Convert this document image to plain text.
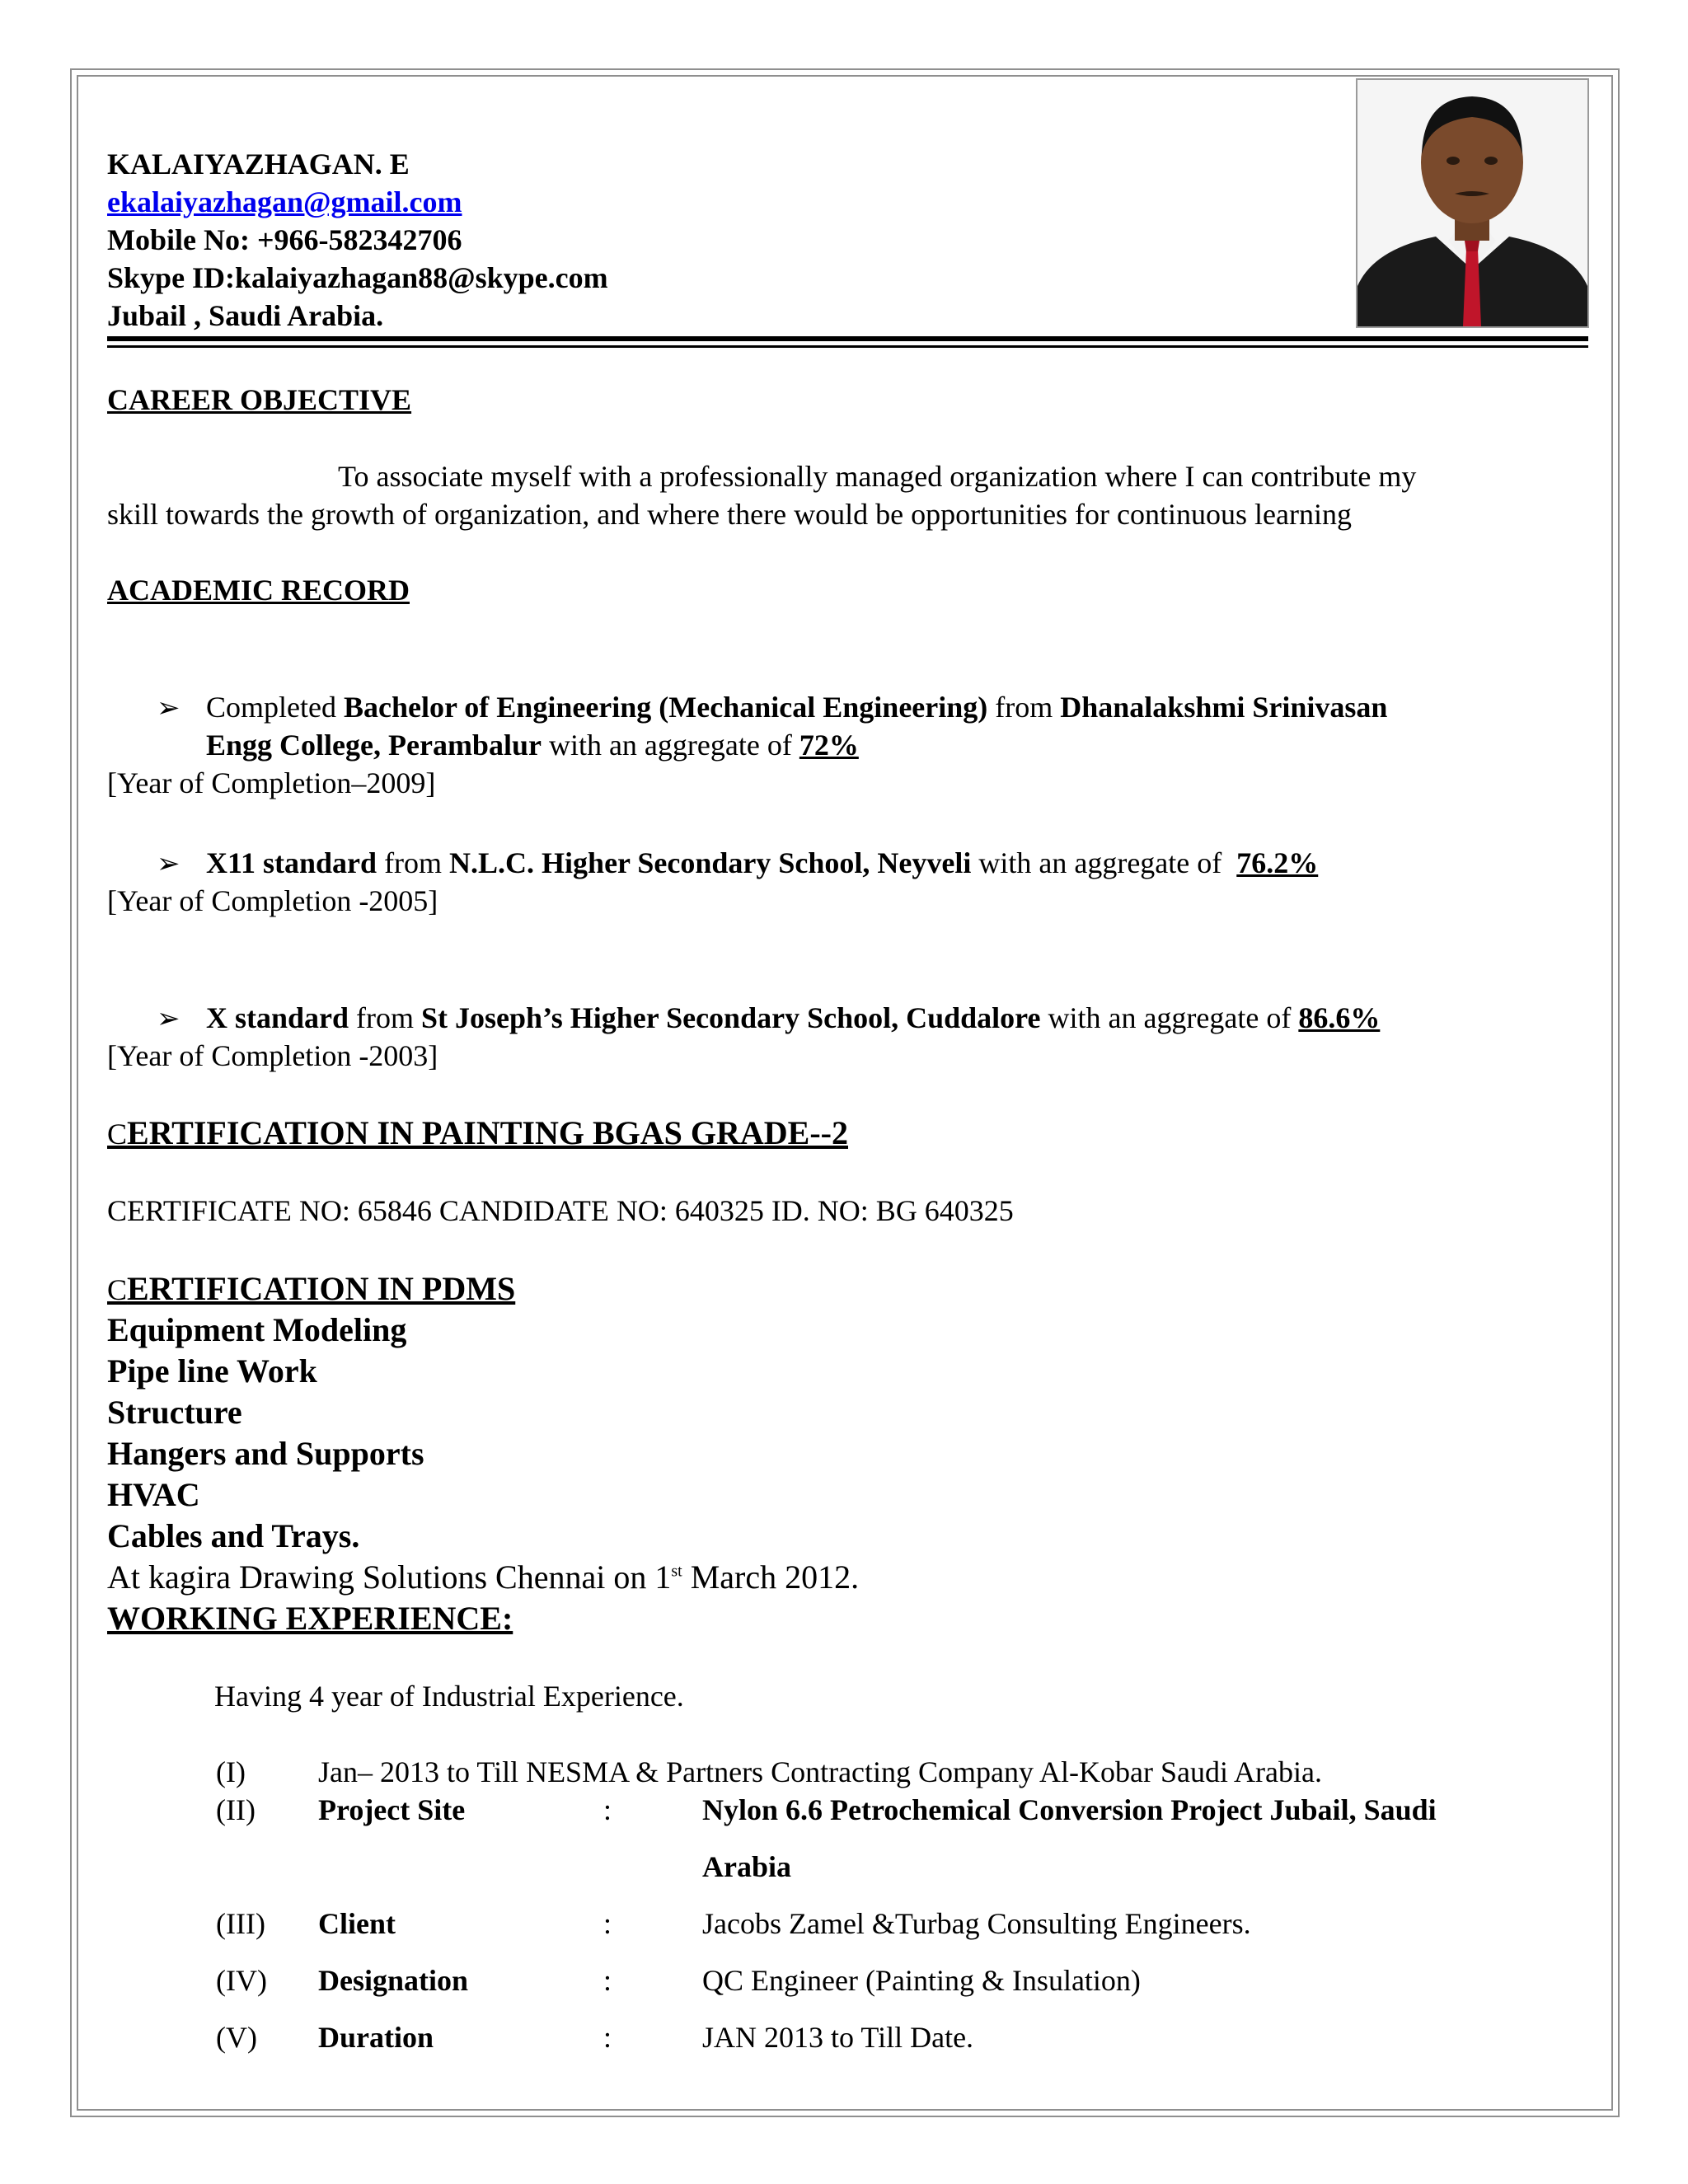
KALAIYAZHAGAN. E
ekalaiyazhagan@gmail.com
Mobile No: +966-582342706
Skype ID:kalaiyazhagan88@skype.com
Jubail , Saudi Arabia.
CAREER OBJECTIVE
To associate myself with a professionally managed organization where I can contribute my
skill towards the growth of organization, and where there would be opportunities for continuous learning
ACADEMIC RECORD
➢ Completed Bachelor of Engineering (Mechanical Engineering) from Dhanalakshmi Srinivasan
Engg College, Perambalur with an aggregate of 72%
[Year of Completion–2009]
➢ X11 standard from N.L.C. Higher Secondary School, Neyveli with an aggregate of  76.2%
[Year of Completion -2005]
➢ X standard from St Joseph’s Higher Secondary School, Cuddalore with an aggregate of 86.6%
[Year of Completion -2003]
CERTIFICATION IN PAINTING BGAS GRADE--2
CERTIFICATE NO: 65846 CANDIDATE NO: 640325 ID. NO: BG 640325
CERTIFICATION IN PDMS
Equipment Modeling
Pipe line Work
Structure
Hangers and Supports
HVAC
Cables and Trays.
At kagira Drawing Solutions Chennai on 1st March 2012.
WORKING EXPERIENCE:
Having 4 year of Industrial Experience.
(I) Jan– 2013 to Till NESMA & Partners Contracting Company Al-Kobar Saudi Arabia.
(II) Project Site	:	Nylon 6.6 Petrochemical Conversion Project Jubail, Saudi
Arabia
(III) Client	:	Jacobs Zamel &Turbag Consulting Engineers.
(IV) Designation	:	QC Engineer (Painting & Insulation)
(V) Duration	:	JAN 2013 to Till Date.
